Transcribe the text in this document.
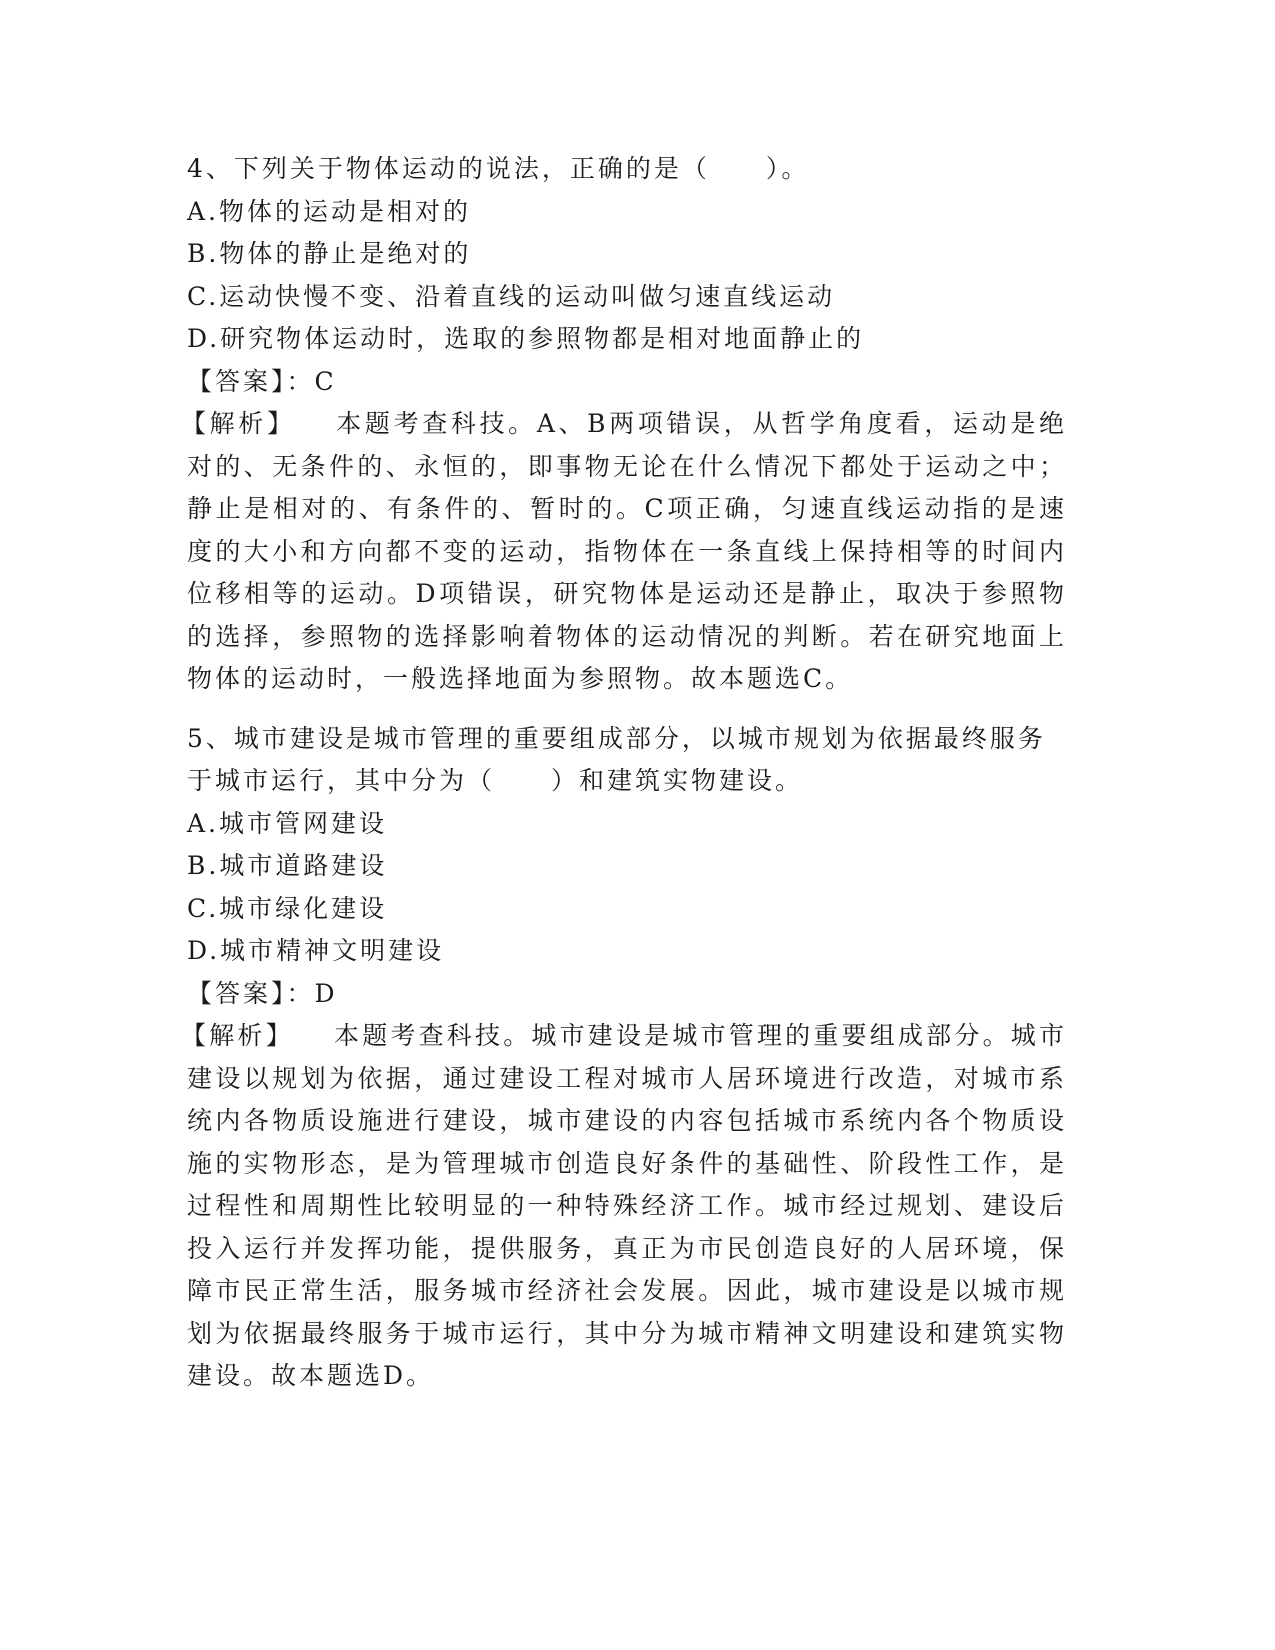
4、下列关于物体运动的说法，正确的是（　　）。

A.物体的运动是相对的

B.物体的静止是绝对的

C.运动快慢不变、沿着直线的运动叫做匀速直线运动

D.研究物体运动时，选取的参照物都是相对地面静止的

【答案】：C

【解析】 本题考查科技。A、B两项错误，从哲学角度看，运动是绝对的、无条件的、永恒的，即事物无论在什么情况下都处于运动之中；静止是相对的、有条件的、暂时的。C项正确，匀速直线运动指的是速度的大小和方向都不变的运动，指物体在一条直线上保持相等的时间内位移相等的运动。D项错误，研究物体是运动还是静止，取决于参照物的选择，参照物的选择影响着物体的运动情况的判断。若在研究地面上物体的运动时，一般选择地面为参照物。故本题选C。

5、城市建设是城市管理的重要组成部分，以城市规划为依据最终服务于城市运行，其中分为（　　）和建筑实物建设。

A.城市管网建设

B.城市道路建设

C.城市绿化建设

D.城市精神文明建设

【答案】：D

【解析】 本题考查科技。城市建设是城市管理的重要组成部分。城市建设以规划为依据，通过建设工程对城市人居环境进行改造，对城市系统内各物质设施进行建设，城市建设的内容包括城市系统内各个物质设施的实物形态，是为管理城市创造良好条件的基础性、阶段性工作，是过程性和周期性比较明显的一种特殊经济工作。城市经过规划、建设后投入运行并发挥功能，提供服务，真正为市民创造良好的人居环境，保障市民正常生活，服务城市经济社会发展。因此，城市建设是以城市规划为依据最终服务于城市运行，其中分为城市精神文明建设和建筑实物建设。故本题选D。
